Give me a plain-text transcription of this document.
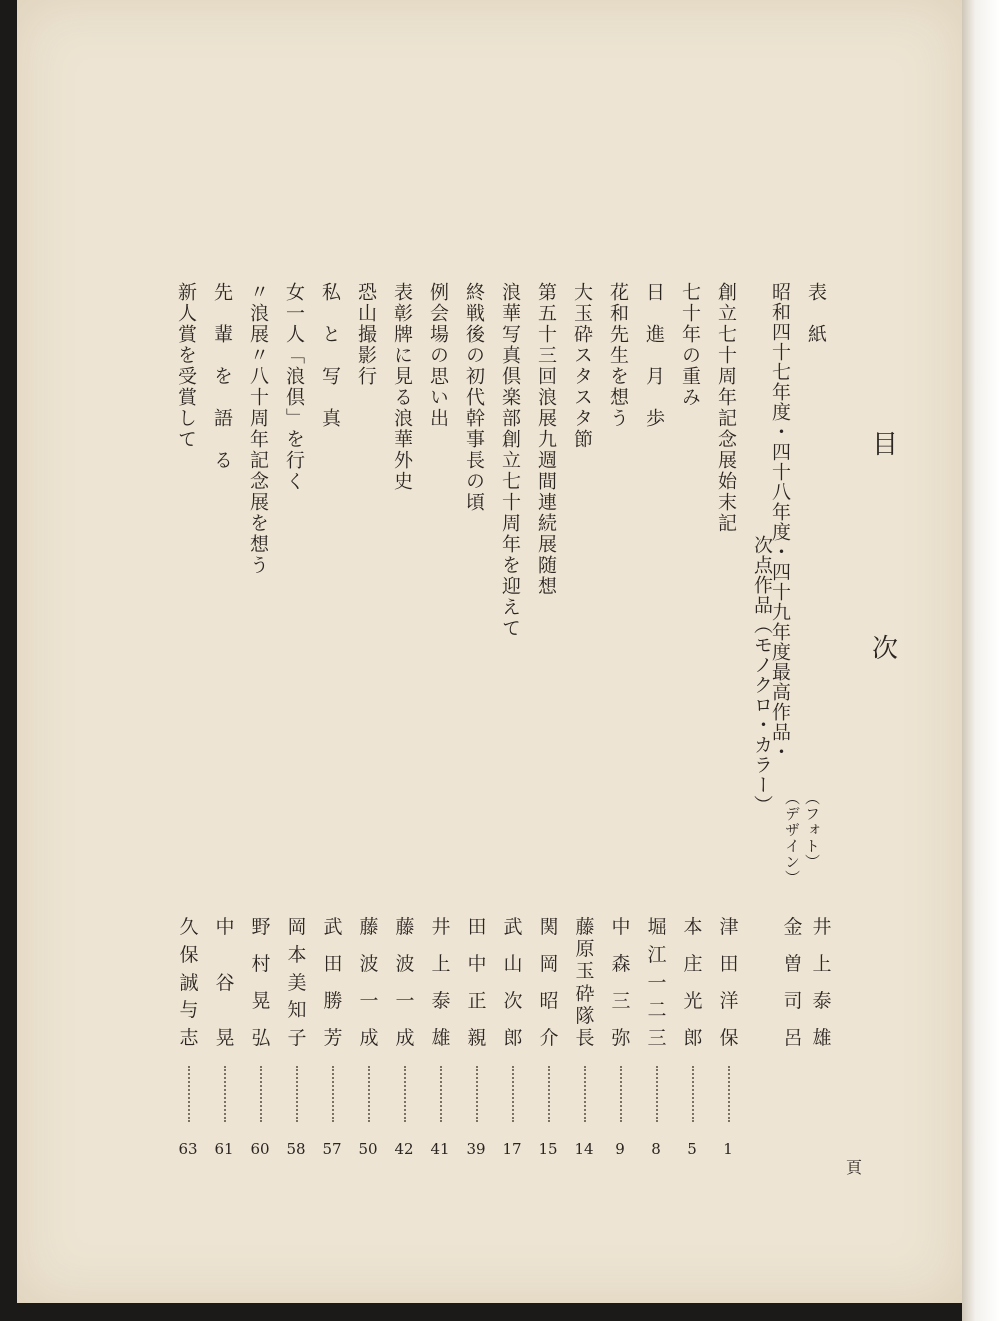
目
次
頁
（フォト）
（デザイン）
表　紙
昭和四十七年度・四十八年度・四十九年度最高作品・
次点作品（モノクロ・カラー）
創立七十周年記念展始末記
七十年の重み
日　進　月　歩
花和先生を想う
大玉砕スタスタ節
第五十三回浪展九週間連続展随想
浪華写真倶楽部創立七十周年を迎えて
終戦後の初代幹事長の頃
例会場の思い出
表彰牌に見る浪華外史
恐山撮影行
私　と　写　真
女一人「浪倶」を行く
〃浪展〃八十周年記念展を想う
先　輩　を　語　る
新人賞を受賞して
井
上
泰
雄
金
曽
司
呂
津
田
洋
保
本
庄
光
郎
堀
江
一
二
三
中
森
三
弥
藤
原
玉
砕
隊
長
関
岡
昭
介
武
山
次
郎
田
中
正
親
井
上
泰
雄
藤
波
一
成
藤
波
一
成
武
田
勝
芳
岡
本
美
知
子
野
村
晃
弘
中
谷
晃
久
保
誠
与
志
1
5
8
9
14
15
17
39
41
42
50
57
58
60
61
63
